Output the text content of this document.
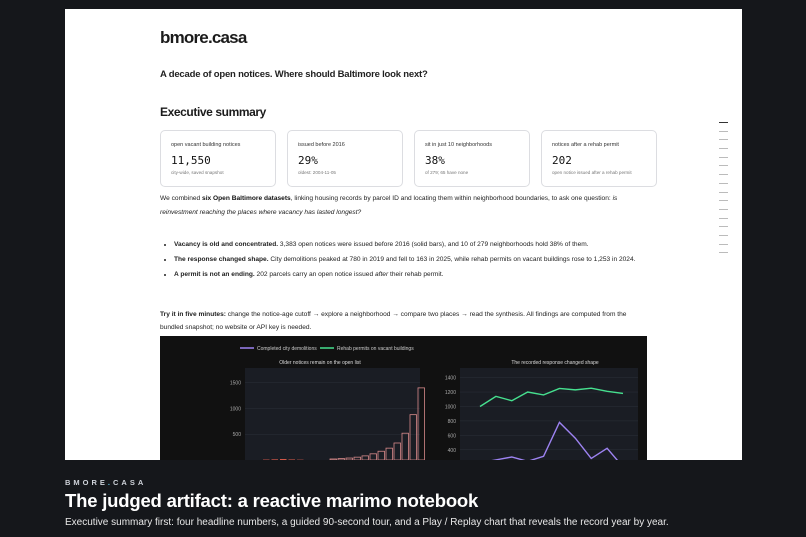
bmore.casa
A decade of open notices. Where should Baltimore look next?
Executive summary
open vacant building notices
11,550
city-wide, saved snapshot
issued before 2016
29%
oldest: 2004-11-05
sit in just 10 neighborhoods
38%
of 279; 65 have none
notices after a rehab permit
202
open notice issued after a rehab permit
We combined six Open Baltimore datasets, linking housing records by parcel ID and locating them within neighborhood boundaries, to ask one question: is reinvestment reaching the places where vacancy has lasted longest?
• Vacancy is old and concentrated. 3,383 open notices were issued before 2016 (solid bars), and 10 of 279 neighborhoods hold 38% of them.
• The response changed shape. City demolitions peaked at 780 in 2019 and fell to 163 in 2025, while rehab permits on vacant buildings rose to 1,253 in 2024.
• A permit is not an ending. 202 parcels carry an open notice issued after their rehab permit.
Try it in five minutes: change the notice-age cutoff → explore a neighborhood → compare two places → read the synthesis. All findings are computed from the bundled snapshot; no website or API key is needed.
Completed city demolitions	Rehab permits on vacant buildings
Older notices remain on the open list	The recorded response changed shape
500
1000
1500
400
600
800
1000
1200
1400
BMORE.CASA
The judged artifact: a reactive marimo notebook

Executive summary first: four headline numbers, a guided 90-second tour, and a Play / Replay chart that reveals the record year by year.
